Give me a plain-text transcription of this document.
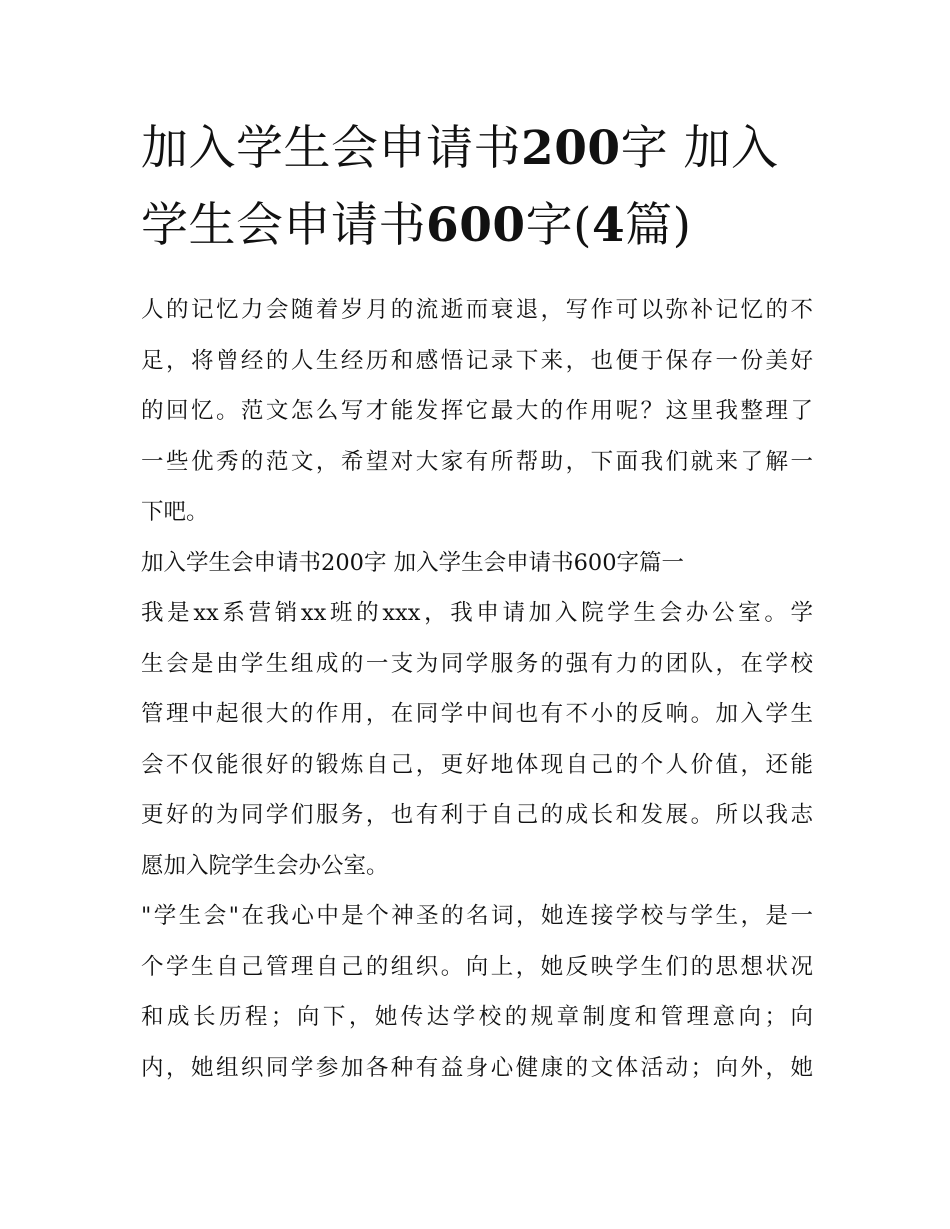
加入学生会申请书200字 加入
学生会申请书600字(4篇)
人的记忆力会随着岁月的流逝而衰退，写作可以弥补记忆的不
足，将曾经的人生经历和感悟记录下来，也便于保存一份美好
的回忆。范文怎么写才能发挥它最大的作用呢？这里我整理了
一些优秀的范文，希望对大家有所帮助，下面我们就来了解一
下吧。
加入学生会申请书200字 加入学生会申请书600字篇一
我是xx系营销xx班的xxx，我申请加入院学生会办公室。学
生会是由学生组成的一支为同学服务的强有力的团队，在学校
管理中起很大的作用，在同学中间也有不小的反响。加入学生
会不仅能很好的锻炼自己，更好地体现自己的个人价值，还能
更好的为同学们服务，也有利于自己的成长和发展。所以我志
愿加入院学生会办公室。
"学生会"在我心中是个神圣的名词，她连接学校与学生，是一
个学生自己管理自己的组织。向上，她反映学生们的思想状况
和成长历程；向下，她传达学校的规章制度和管理意向；向
内，她组织同学参加各种有益身心健康的文体活动；向外，她
